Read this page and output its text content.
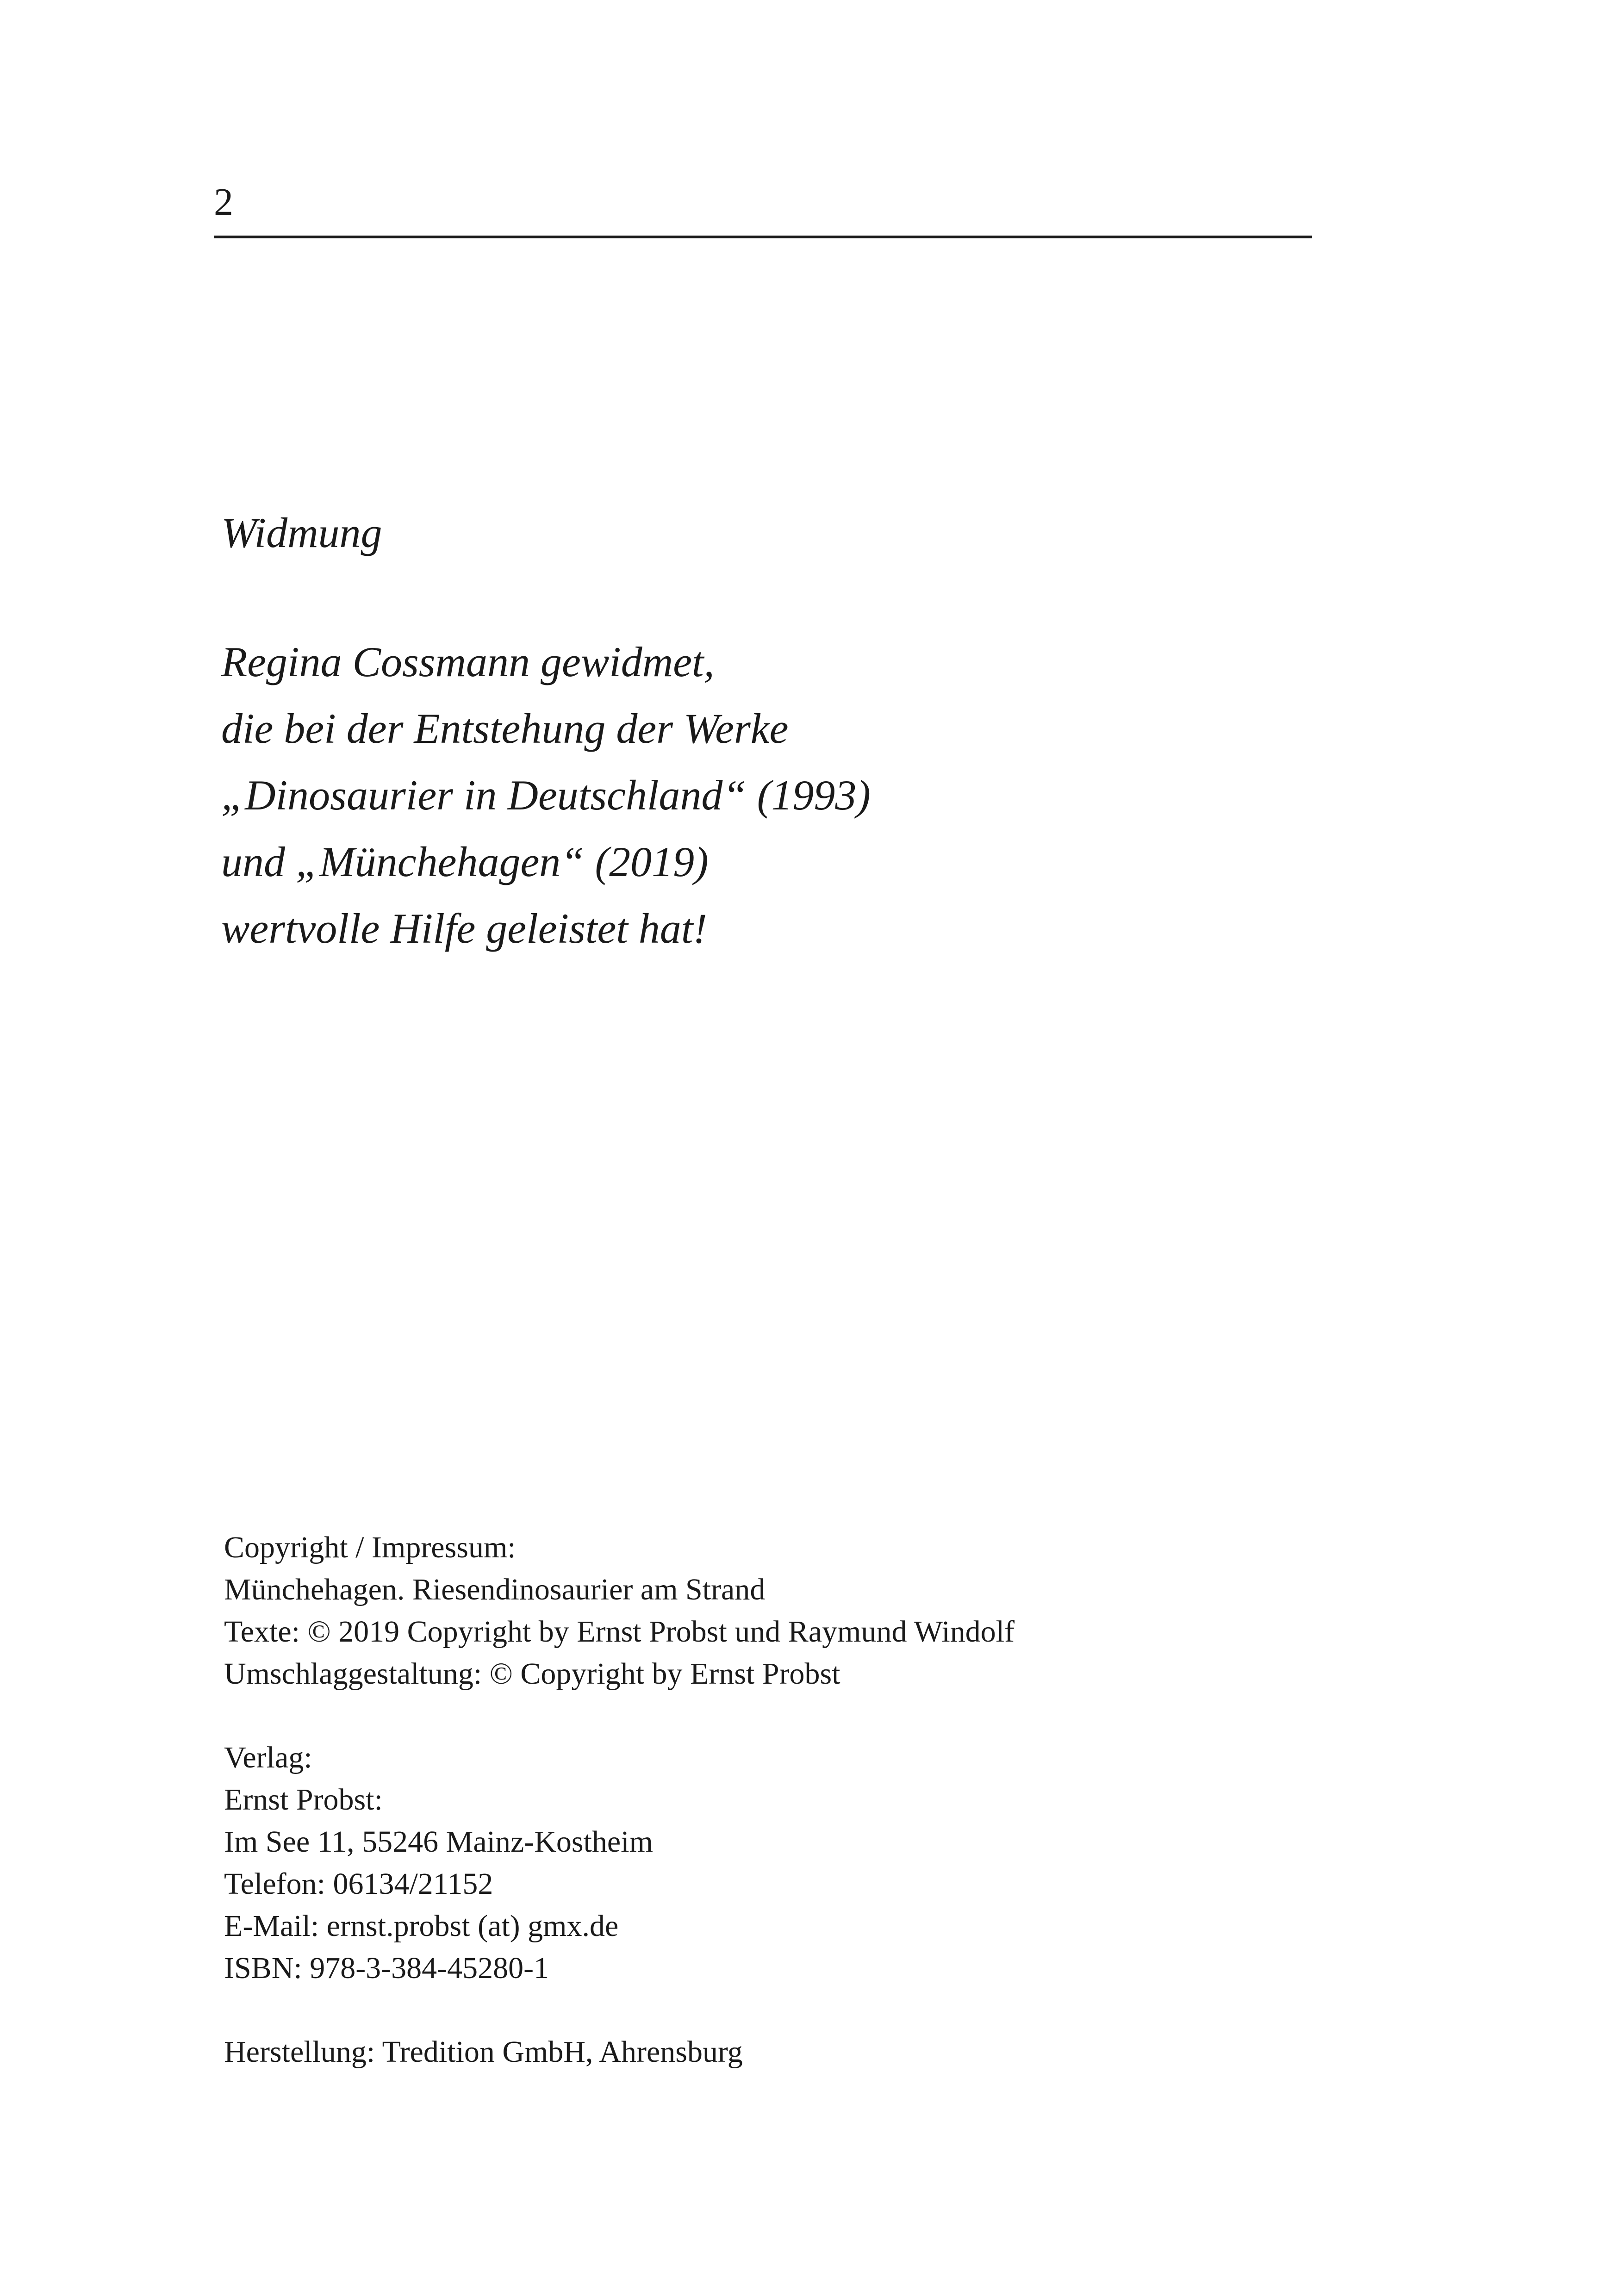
2
Widmung
Regina Cossmann gewidmet,
die bei der Entstehung der Werke
„Dinosaurier in Deutschland“ (1993)
und „Münchehagen“ (2019)
wertvolle Hilfe geleistet hat!
Copyright / Impressum:
Münchehagen. Riesendinosaurier am Strand
Texte: © 2019 Copyright by Ernst Probst und Raymund Windolf
Umschlaggestaltung: © Copyright by Ernst Probst
Verlag:
Ernst Probst:
Im See 11, 55246 Mainz-Kostheim
Telefon: 06134/21152
E-Mail: ernst.probst (at) gmx.de
ISBN: 978-3-384-45280-1
Herstellung: Tredition GmbH, Ahrensburg
